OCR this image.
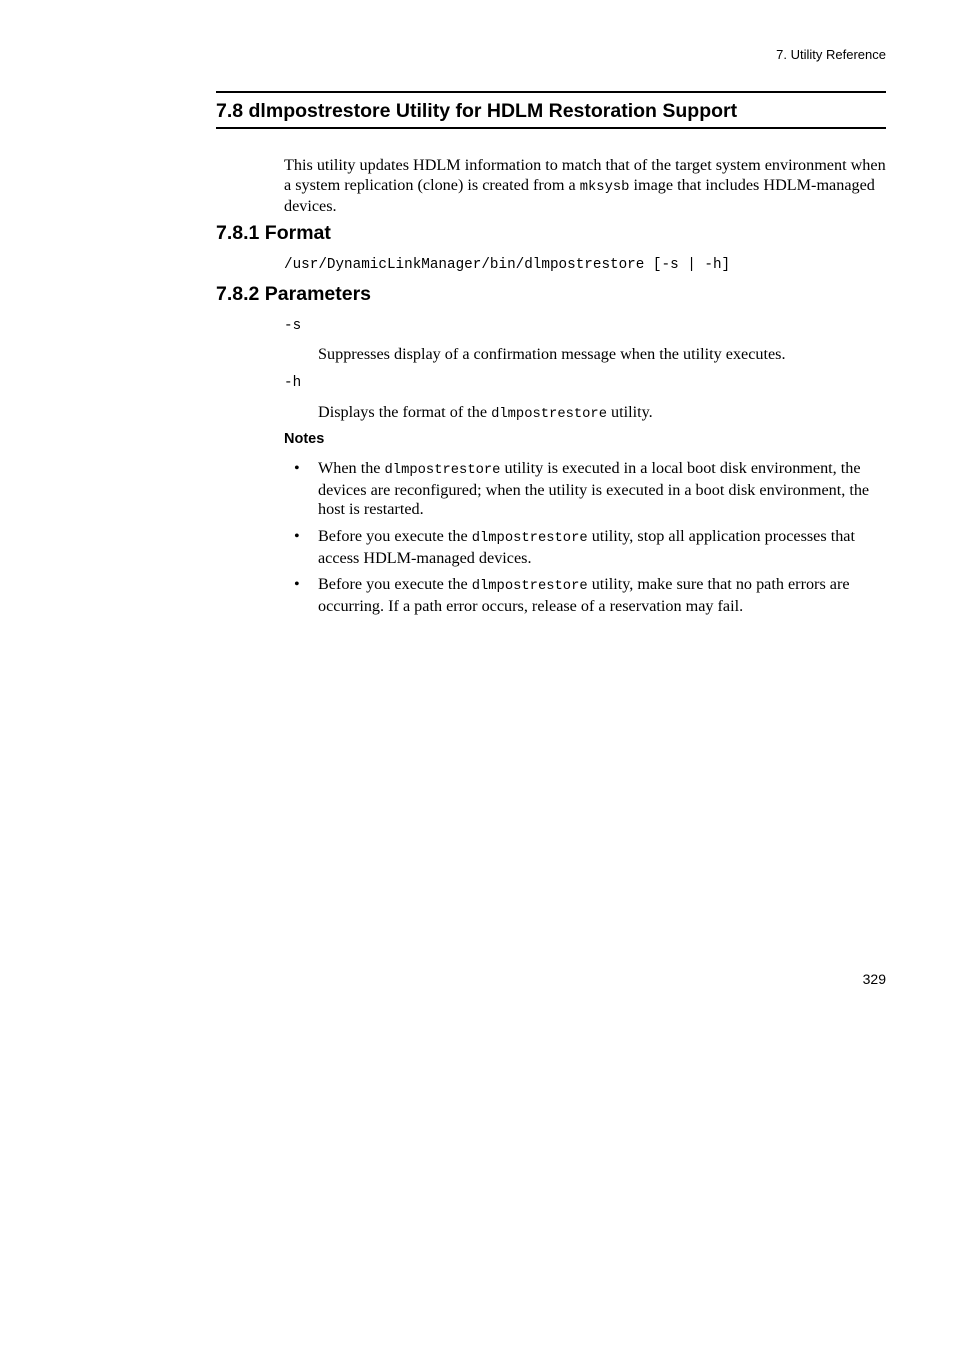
7. Utility Reference
7.8 dlmpostrestore Utility for HDLM Restoration Support

This utility updates HDLM information to match that of the target system environment when a system replication (clone) is created from a mksysb image that includes HDLM-managed devices.

7.8.1 Format
/usr/DynamicLinkManager/bin/dlmpostrestore [-s | -h]
7.8.2 Parameters
-s

Suppresses display of a confirmation message when the utility executes.

-h

Displays the format of the dlmpostrestore utility.

Notes
• When the dlmpostrestore utility is executed in a local boot disk environment, the devices are reconfigured; when the utility is executed in a boot disk environment, the host is restarted.

• Before you execute the dlmpostrestore utility, stop all application processes that access HDLM-managed devices.

• Before you execute the dlmpostrestore utility, make sure that no path errors are occurring. If a path error occurs, release of a reservation may fail.

329
